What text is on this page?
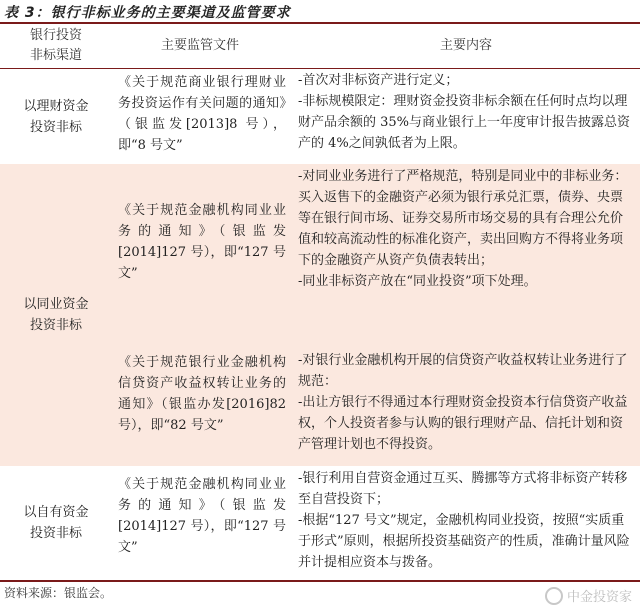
表 3：银行非标业务的主要渠道及监管要求
银行投资
非标渠道
主要监管文件	主要内容
以理财资金
投资非标
《关于规范商业银行理财业务投资运作有关问题的通知》（银监发[2013]8 号），即“8 号文”
-首次对非标资产进行定义；
-非标规模限定：理财资金投资非标余额在任何时点均以理财产品余额的 35%与商业银行上一年度审计报告披露总资产的 4%之间孰低者为上限。
以同业资金
投资非标
《关于规范金融机构同业业务的通知》（银监发[2014]127 号），即“127 号文”
-对同业业务进行了严格规范，特别是同业中的非标业务：买入返售下的金融资产必须为银行承兑汇票，债券、央票等在银行间市场、证券交易所市场交易的具有合理公允价值和较高流动性的标准化资产，卖出回购方不得将业务项下的金融资产从资产负债表转出；
-同业非标资产放在“同业投资”项下处理。
《关于规范银行业金融机构信贷资产收益权转让业务的通知》（银监办发[2016]82 号），即“82 号文”
-对银行业金融机构开展的信贷资产收益权转让业务进行了规范：
-出让方银行不得通过本行理财资金投资本行信贷资产收益权，个人投资者参与认购的银行理财产品、信托计划和资产管理计划也不得投资。
以自有资金
投资非标
《关于规范金融机构同业业务的通知》（银监发[2014]127 号），即“127 号文”
-银行利用自营资金通过互买、腾挪等方式将非标资产转移至自营投资下；
-根据“127 号文”规定，金融机构同业投资，按照“实质重于形式”原则，根据所投资基础资产的性质，准确计量风险并计提相应资本与拨备。
资料来源：银监会。	中金投资家
